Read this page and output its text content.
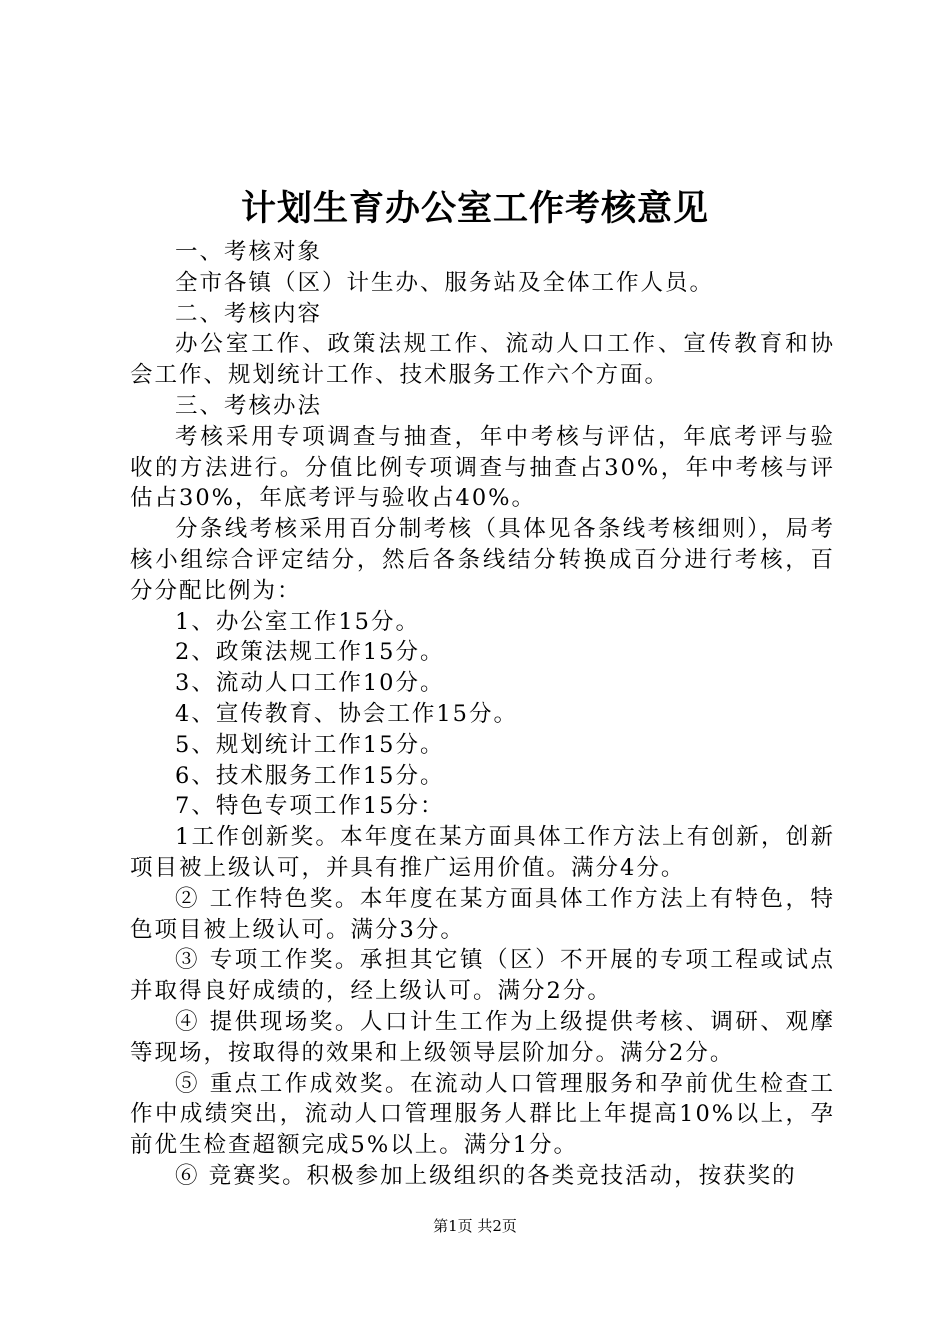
计划生育办公室工作考核意见

一、考核对象

全市各镇（区）计生办、服务站及全体工作人员。

二、考核内容

办公室工作、政策法规工作、流动人口工作、宣传教育和协会工作、规划统计工作、技术服务工作六个方面。

三、考核办法

考核采用专项调查与抽查，年中考核与评估，年底考评与验收的方法进行。分值比例专项调查与抽查占30%，年中考核与评估占30%，年底考评与验收占40%。

分条线考核采用百分制考核（具体见各条线考核细则），局考核小组综合评定结分，然后各条线结分转换成百分进行考核，百分分配比例为：

1、办公室工作15分。

2、政策法规工作15分。

3、流动人口工作10分。

4、宣传教育、协会工作15分。

5、规划统计工作15分。

6、技术服务工作15分。

7、特色专项工作15分：

1工作创新奖。本年度在某方面具体工作方法上有创新，创新项目被上级认可，并具有推广运用价值。满分4分。

② 工作特色奖。本年度在某方面具体工作方法上有特色，特色项目被上级认可。满分3分。

③ 专项工作奖。承担其它镇（区）不开展的专项工程或试点并取得良好成绩的，经上级认可。满分2分。

④ 提供现场奖。人口计生工作为上级提供考核、调研、观摩等现场，按取得的效果和上级领导层阶加分。满分2分。

⑤ 重点工作成效奖。在流动人口管理服务和孕前优生检查工作中成绩突出，流动人口管理服务人群比上年提高10%以上，孕前优生检查超额完成5%以上。满分1分。

⑥ 竞赛奖。积极参加上级组织的各类竞技活动，按获奖的

第1页 共2页
